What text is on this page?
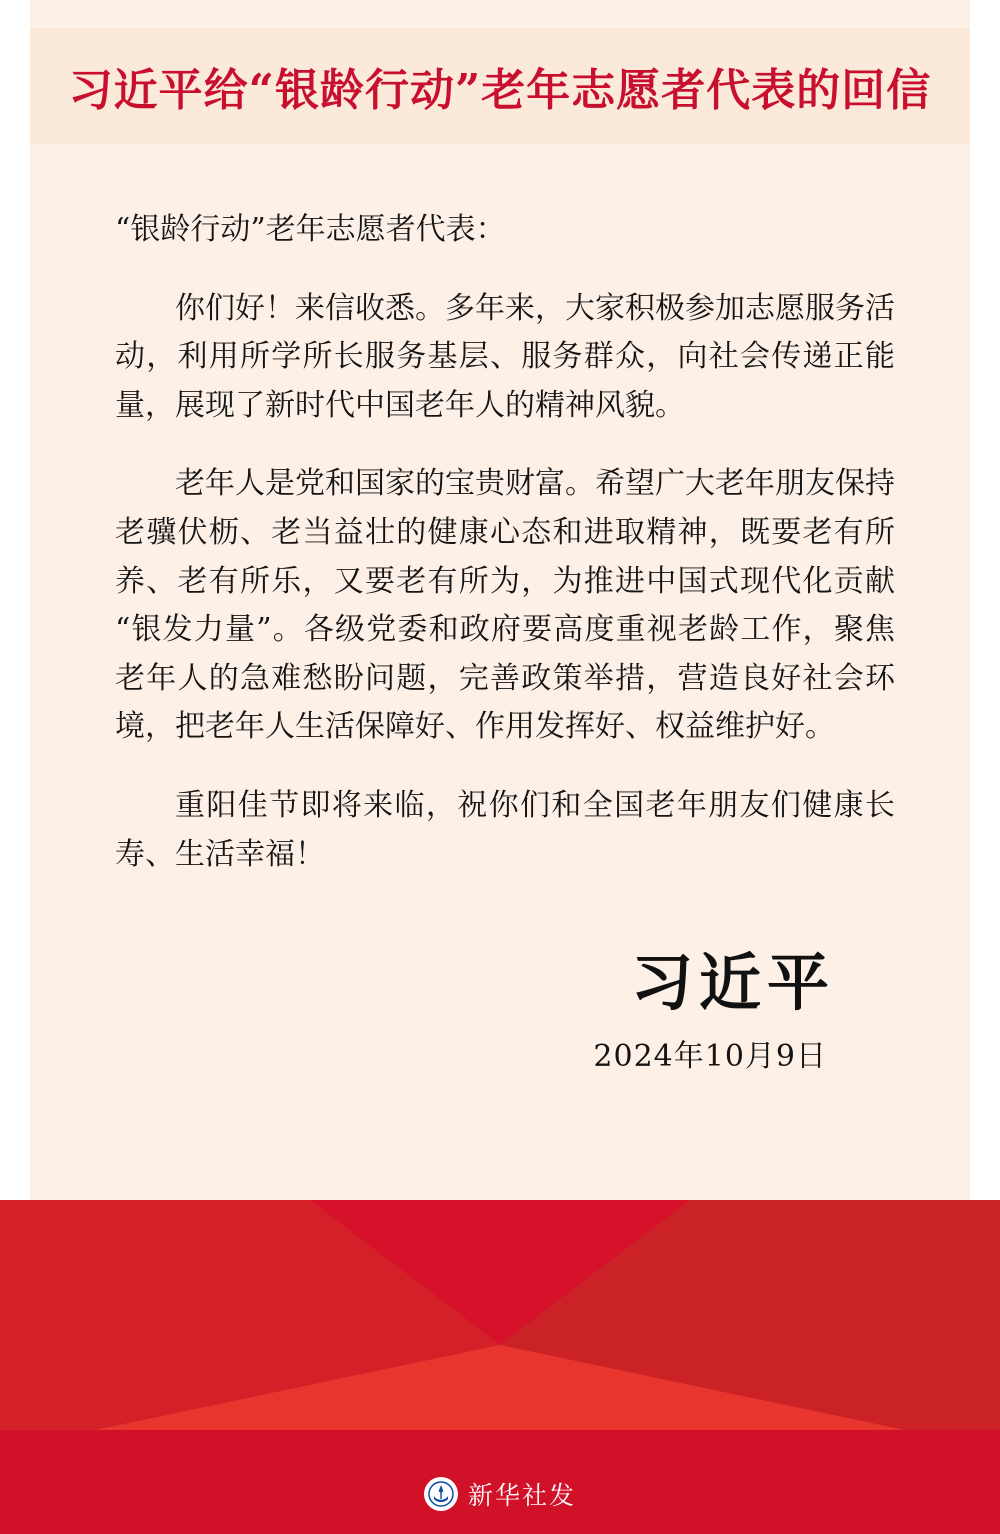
习近平给“银龄行动”老年志愿者代表的回信
“银龄行动”老年志愿者代表：

你们好！来信收悉。多年来，大家积极参加志愿服务活动，利用所学所长服务基层、服务群众，向社会传递正能量，展现了新时代中国老年人的精神风貌。

老年人是党和国家的宝贵财富。希望广大老年朋友保持老骥伏枥、老当益壮的健康心态和进取精神，既要老有所养、老有所乐，又要老有所为，为推进中国式现代化贡献“银发力量”。各级党委和政府要高度重视老龄工作，聚焦老年人的急难愁盼问题，完善政策举措，营造良好社会环境，把老年人生活保障好、作用发挥好、权益维护好。

重阳佳节即将来临，祝你们和全国老年朋友们健康长寿、生活幸福！

习近平
2024年10月9日
新华社发
